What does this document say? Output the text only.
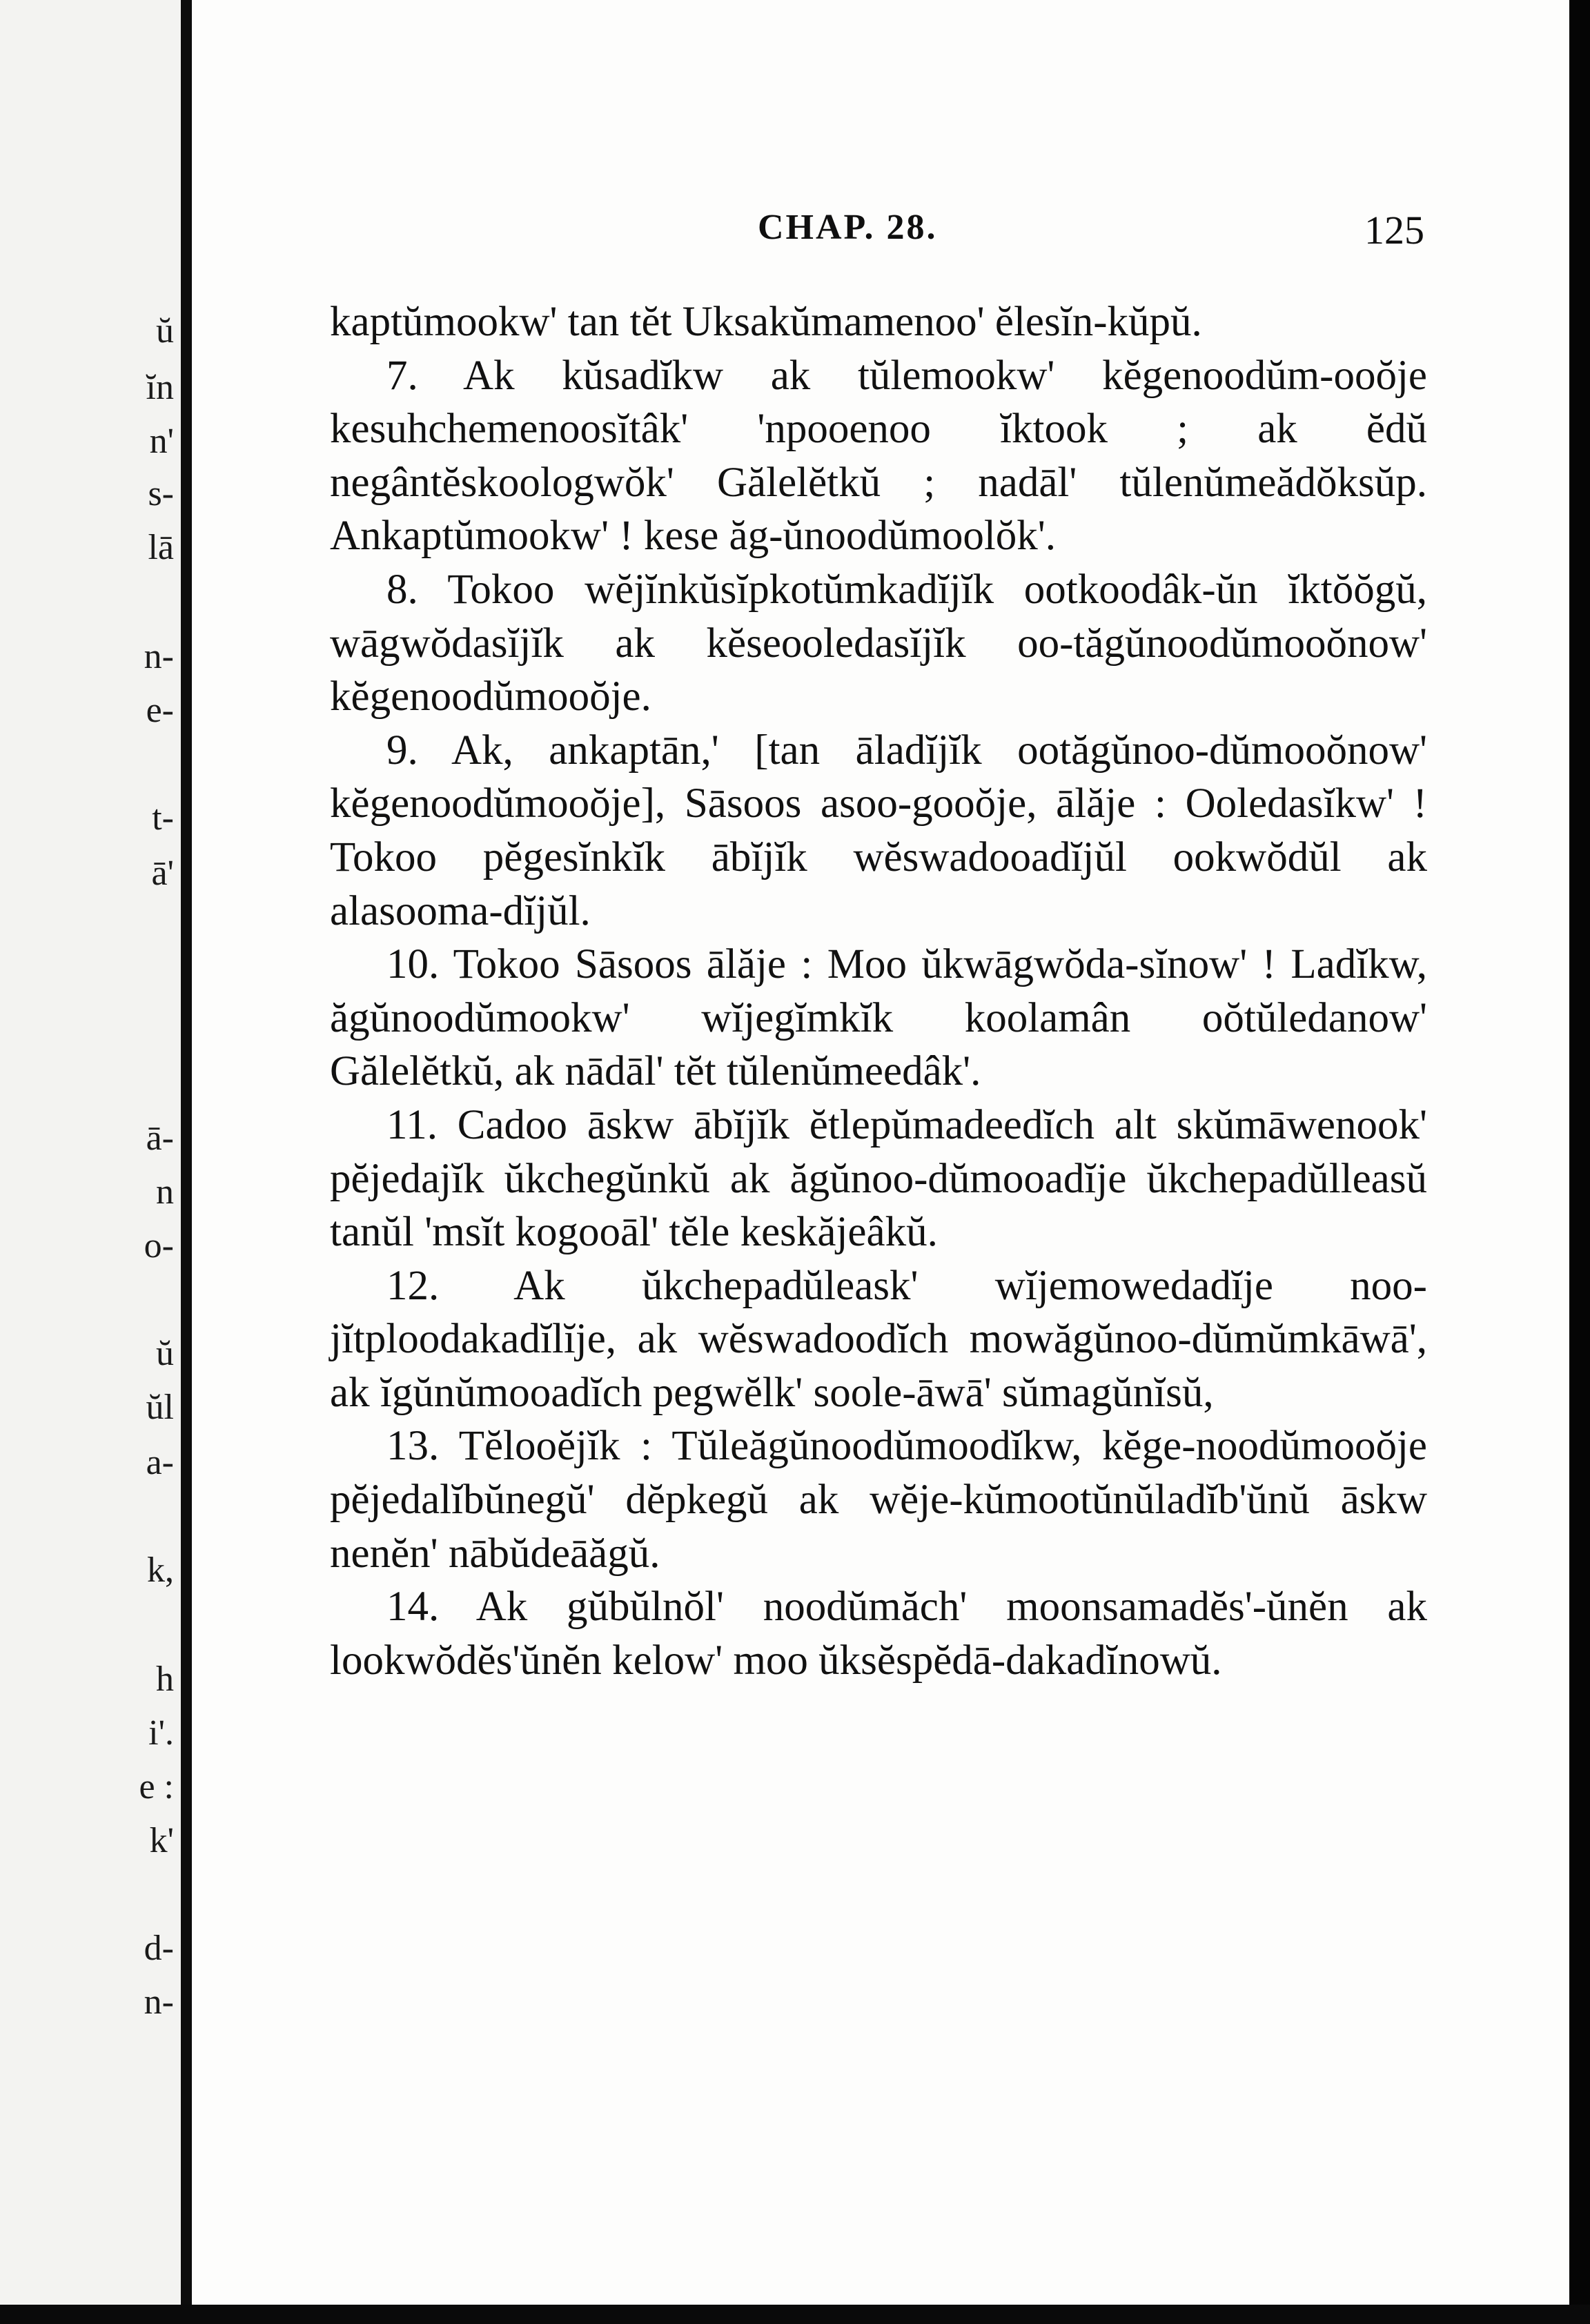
ŭ
ĭn
n'
s-
lā
n-
e-
t-
ā'
ā-
n
o-
ŭ
ŭl
a-
k,
h
i'.
e :
k'
d-
n-
CHAP. 28.	125

kaptŭmookw' tan tĕt Uksakŭmamenoo' ĕlesĭn-kŭpŭ.

7. Ak kŭsadĭkw ak tŭlemookw' kĕgenoodŭm-ooŏje kesuhchemenoosĭtâk' 'npooenoo ĭktook ; ak ĕdŭ negântĕskoologwŏk' Gălelĕtkŭ ; nadāl' tŭlenŭmeădŏksŭp. Ankaptŭmookw' ! kese ăg-ŭnoodŭmoolŏk'.

8. Tokoo wĕjĭnkŭsĭpkotŭmkadĭjĭk ootkoodâk-ŭn ĭktŏŏgŭ, wāgwŏdasĭjĭk ak kĕseooledasĭjĭk oo-tăgŭnoodŭmooŏnow' kĕgenoodŭmooŏje.

9. Ak, ankaptān,' [tan āladĭjĭk ootăgŭnoo-dŭmooŏnow' kĕgenoodŭmooŏje], Sāsoos asoo-gooŏje, ālăje : Ooledasĭkw' ! Tokoo pĕgesĭnkĭk ābĭjĭk wĕswadooadĭjŭl ookwŏdŭl ak alasooma-dĭjŭl.

10. Tokoo Sāsoos ālăje : Moo ŭkwāgwŏda-sĭnow' ! Ladĭkw, ăgŭnoodŭmookw' wĭjegĭmkĭk koolamân oŏtŭledanow' Gălelĕtkŭ, ak nādāl' tĕt tŭlenŭmeedâk'.

11. Cadoo āskw ābĭjĭk ĕtlepŭmadeedĭch alt skŭmāwenook' pĕjedajĭk ŭkchegŭnkŭ ak ăgŭnoo-dŭmooadĭje ŭkchepadŭlleasŭ tanŭl 'msĭt kogooāl' tĕle keskăjeâkŭ.

12. Ak ŭkchepadŭleask' wĭjemowedadĭje noo-jĭtploodakadĭlĭje, ak wĕswadoodĭch mowăgŭnoo-dŭmŭmkāwā', ak ĭgŭnŭmooadĭch pegwĕlk' soole-āwā' sŭmagŭnĭsŭ,

13. Tĕlooĕjĭk : Tŭleăgŭnoodŭmoodĭkw, kĕge-noodŭmooŏje pĕjedalĭbŭnegŭ' dĕpkegŭ ak wĕje-kŭmootŭnŭladĭb'ŭnŭ āskw nenĕn' nābŭdeāăgŭ.

14. Ak gŭbŭlnŏl' noodŭmăch' moonsamadĕs'-ŭnĕn ak lookwŏdĕs'ŭnĕn kelow' moo ŭksĕspĕdā-dakadĭnowŭ.
